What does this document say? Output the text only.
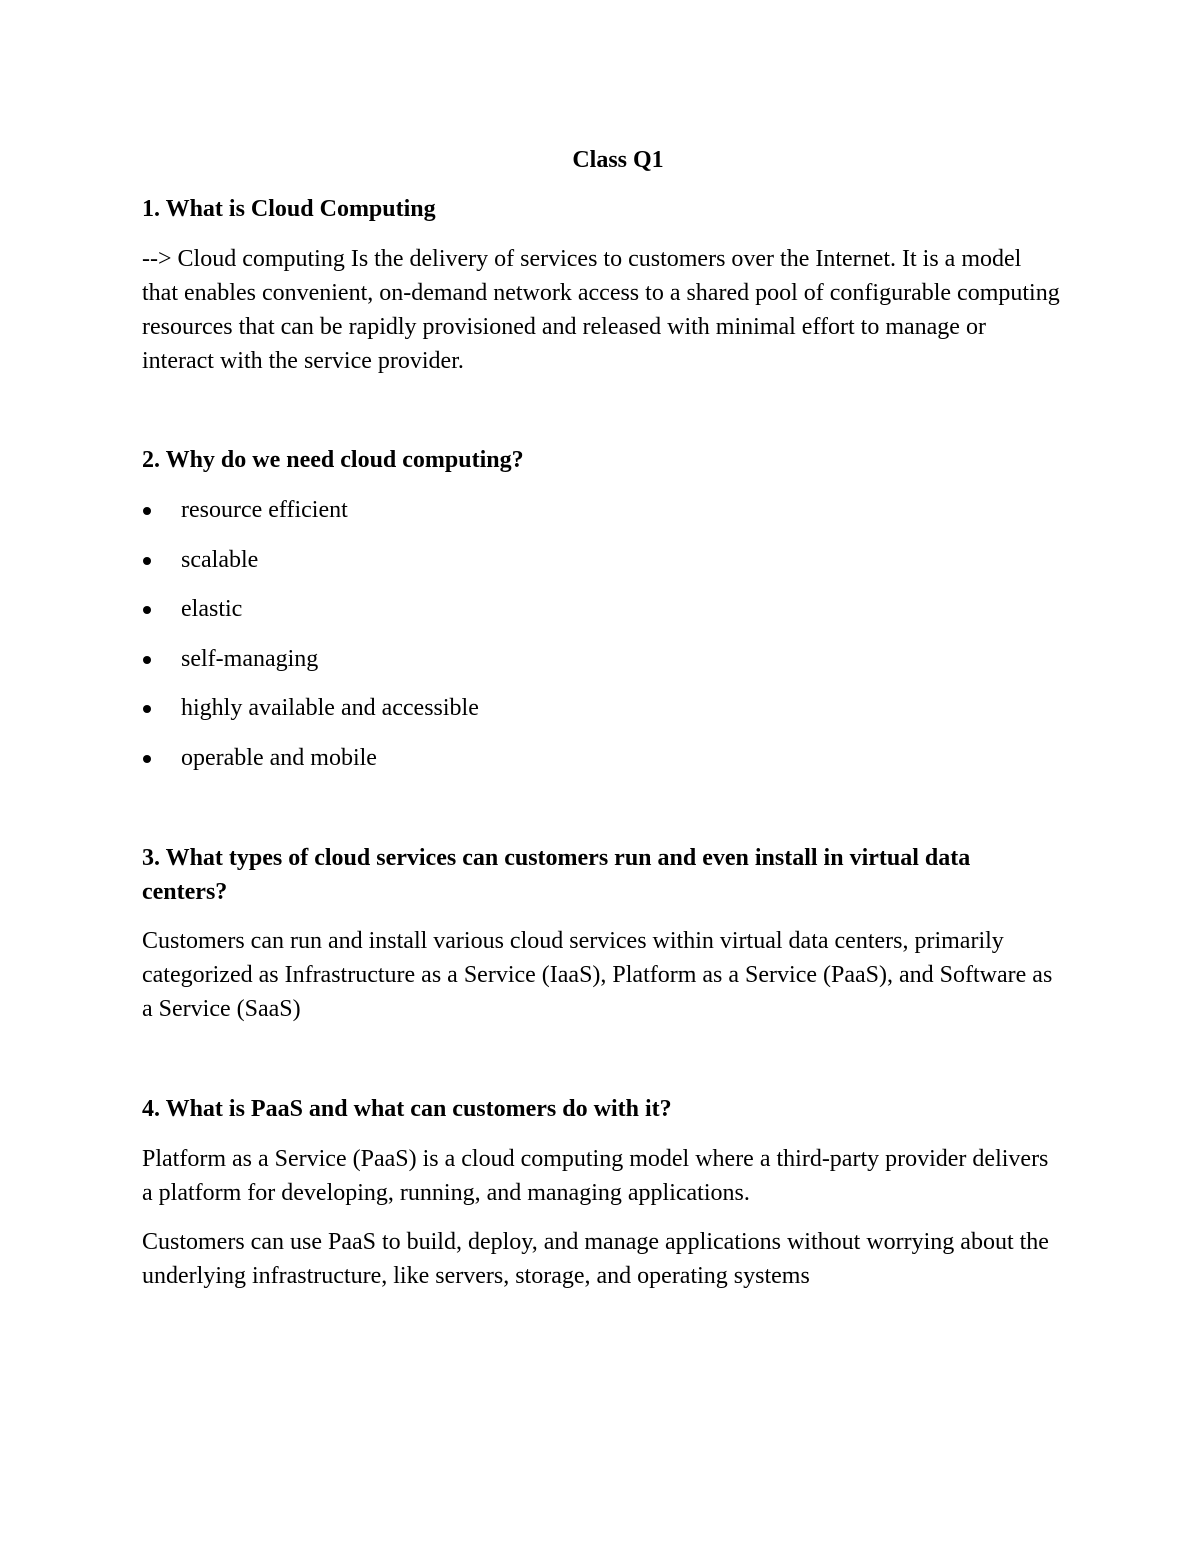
Class Q1
1. What is Cloud Computing

--> Cloud computing Is the delivery of services to customers over the Internet. It is a model that enables convenient, on-demand network access to a shared pool of configurable computing resources that can be rapidly provisioned and released with minimal effort to manage or interact with the service provider.

2. Why do we need cloud computing?
resource efficient
scalable
elastic
self-managing
highly available and accessible
operable and mobile
3. What types of cloud services can customers run and even install in virtual data centers?

Customers can run and install various cloud services within virtual data centers, primarily categorized as Infrastructure as a Service (IaaS), Platform as a Service (PaaS), and Software as a Service (SaaS)

4. What is PaaS and what can customers do with it?

Platform as a Service (PaaS) is a cloud computing model where a third-party provider delivers a platform for developing, running, and managing applications.

Customers can use PaaS to build, deploy, and manage applications without worrying about the underlying infrastructure, like servers, storage, and operating systems
